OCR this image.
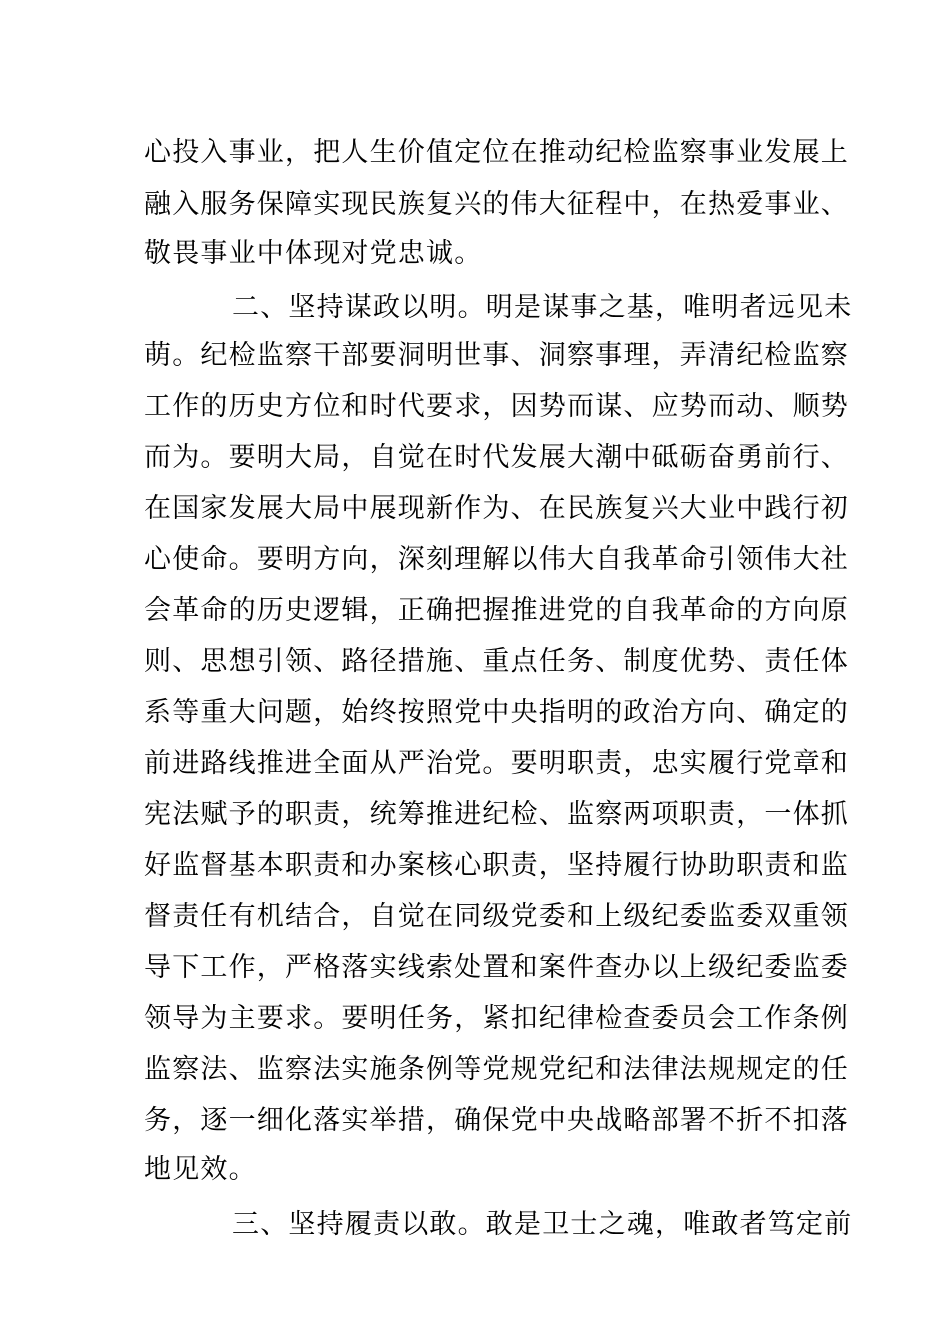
心投入事业，把人生价值定位在推动纪检监察事业发展上
融入服务保障实现民族复兴的伟大征程中，在热爱事业、
敬畏事业中体现对党忠诚。
二、坚持谋政以明。明是谋事之基，唯明者远见未
萌。纪检监察干部要洞明世事、洞察事理，弄清纪检监察
工作的历史方位和时代要求，因势而谋、应势而动、顺势
而为。要明大局，自觉在时代发展大潮中砥砺奋勇前行、
在国家发展大局中展现新作为、在民族复兴大业中践行初
心使命。要明方向，深刻理解以伟大自我革命引领伟大社
会革命的历史逻辑，正确把握推进党的自我革命的方向原
则、思想引领、路径措施、重点任务、制度优势、责任体
系等重大问题，始终按照党中央指明的政治方向、确定的
前进路线推进全面从严治党。要明职责，忠实履行党章和
宪法赋予的职责，统筹推进纪检、监察两项职责，一体抓
好监督基本职责和办案核心职责，坚持履行协助职责和监
督责任有机结合，自觉在同级党委和上级纪委监委双重领
导下工作，严格落实线索处置和案件查办以上级纪委监委
领导为主要求。要明任务，紧扣纪律检查委员会工作条例
监察法、监察法实施条例等党规党纪和法律法规规定的任
务，逐一细化落实举措，确保党中央战略部署不折不扣落
地见效。
三、坚持履责以敢。敢是卫士之魂，唯敢者笃定前
